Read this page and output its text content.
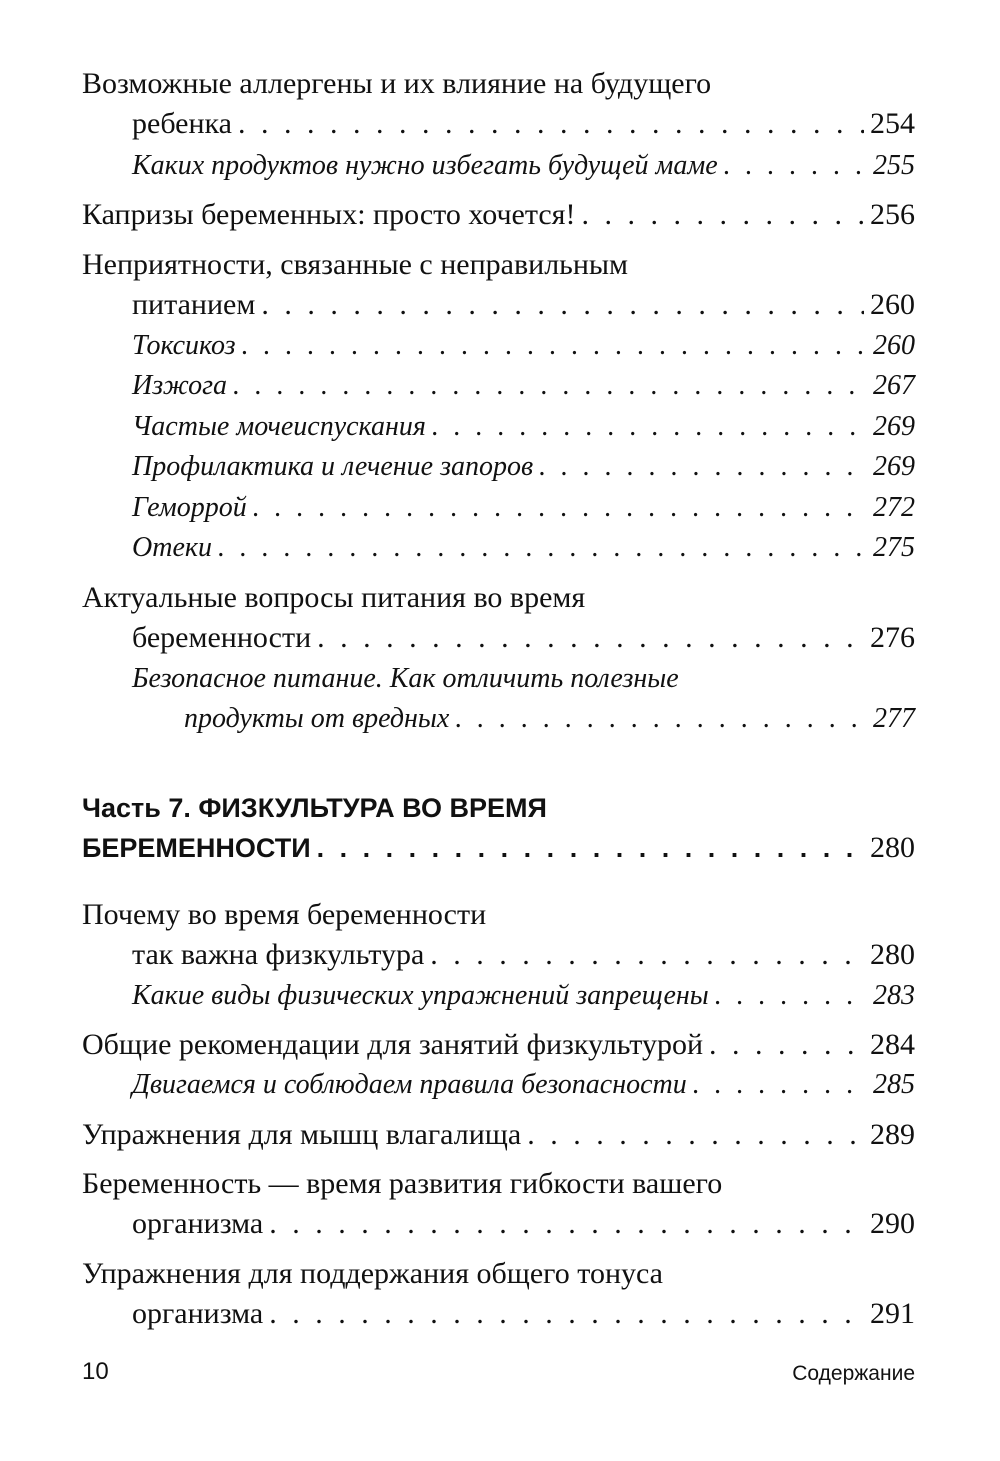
Возможные аллергены и их влияние на будущего
ребенка . . .	254
Каких продуктов нужно избегать будущей маме . . .	255
Капризы беременных: просто хочется! . . .	256
Неприятности, связанные с неправильным
питанием . . .	260
Токсикоз . . .	260
Изжога . . .	267
Частые мочеиспускания . . .	269
Профилактика и лечение запоров . . .	269
Геморрой . . .	272
Отеки . . .	275
Актуальные вопросы питания во время
беременности . . .	276
Безопасное питание. Как отличить полезные
продукты от вредных . . .	277
Часть 7. ФИЗКУЛЬТУРА ВО ВРЕМЯ
БЕРЕМЕННОСТИ . . .	280
Почему во время беременности
так важна физкультура . . .	280
Какие виды физических упражнений запрещены . . .	283
Общие рекомендации для занятий физкультурой . . .	284
Двигаемся и соблюдаем правила безопасности . . .	285
Упражнения для мышц влагалища . . .	289
Беременность — время развития гибкости вашего
организма . . .	290
Упражнения для поддержания общего тонуса
организма . . .	291
10	Содержание
